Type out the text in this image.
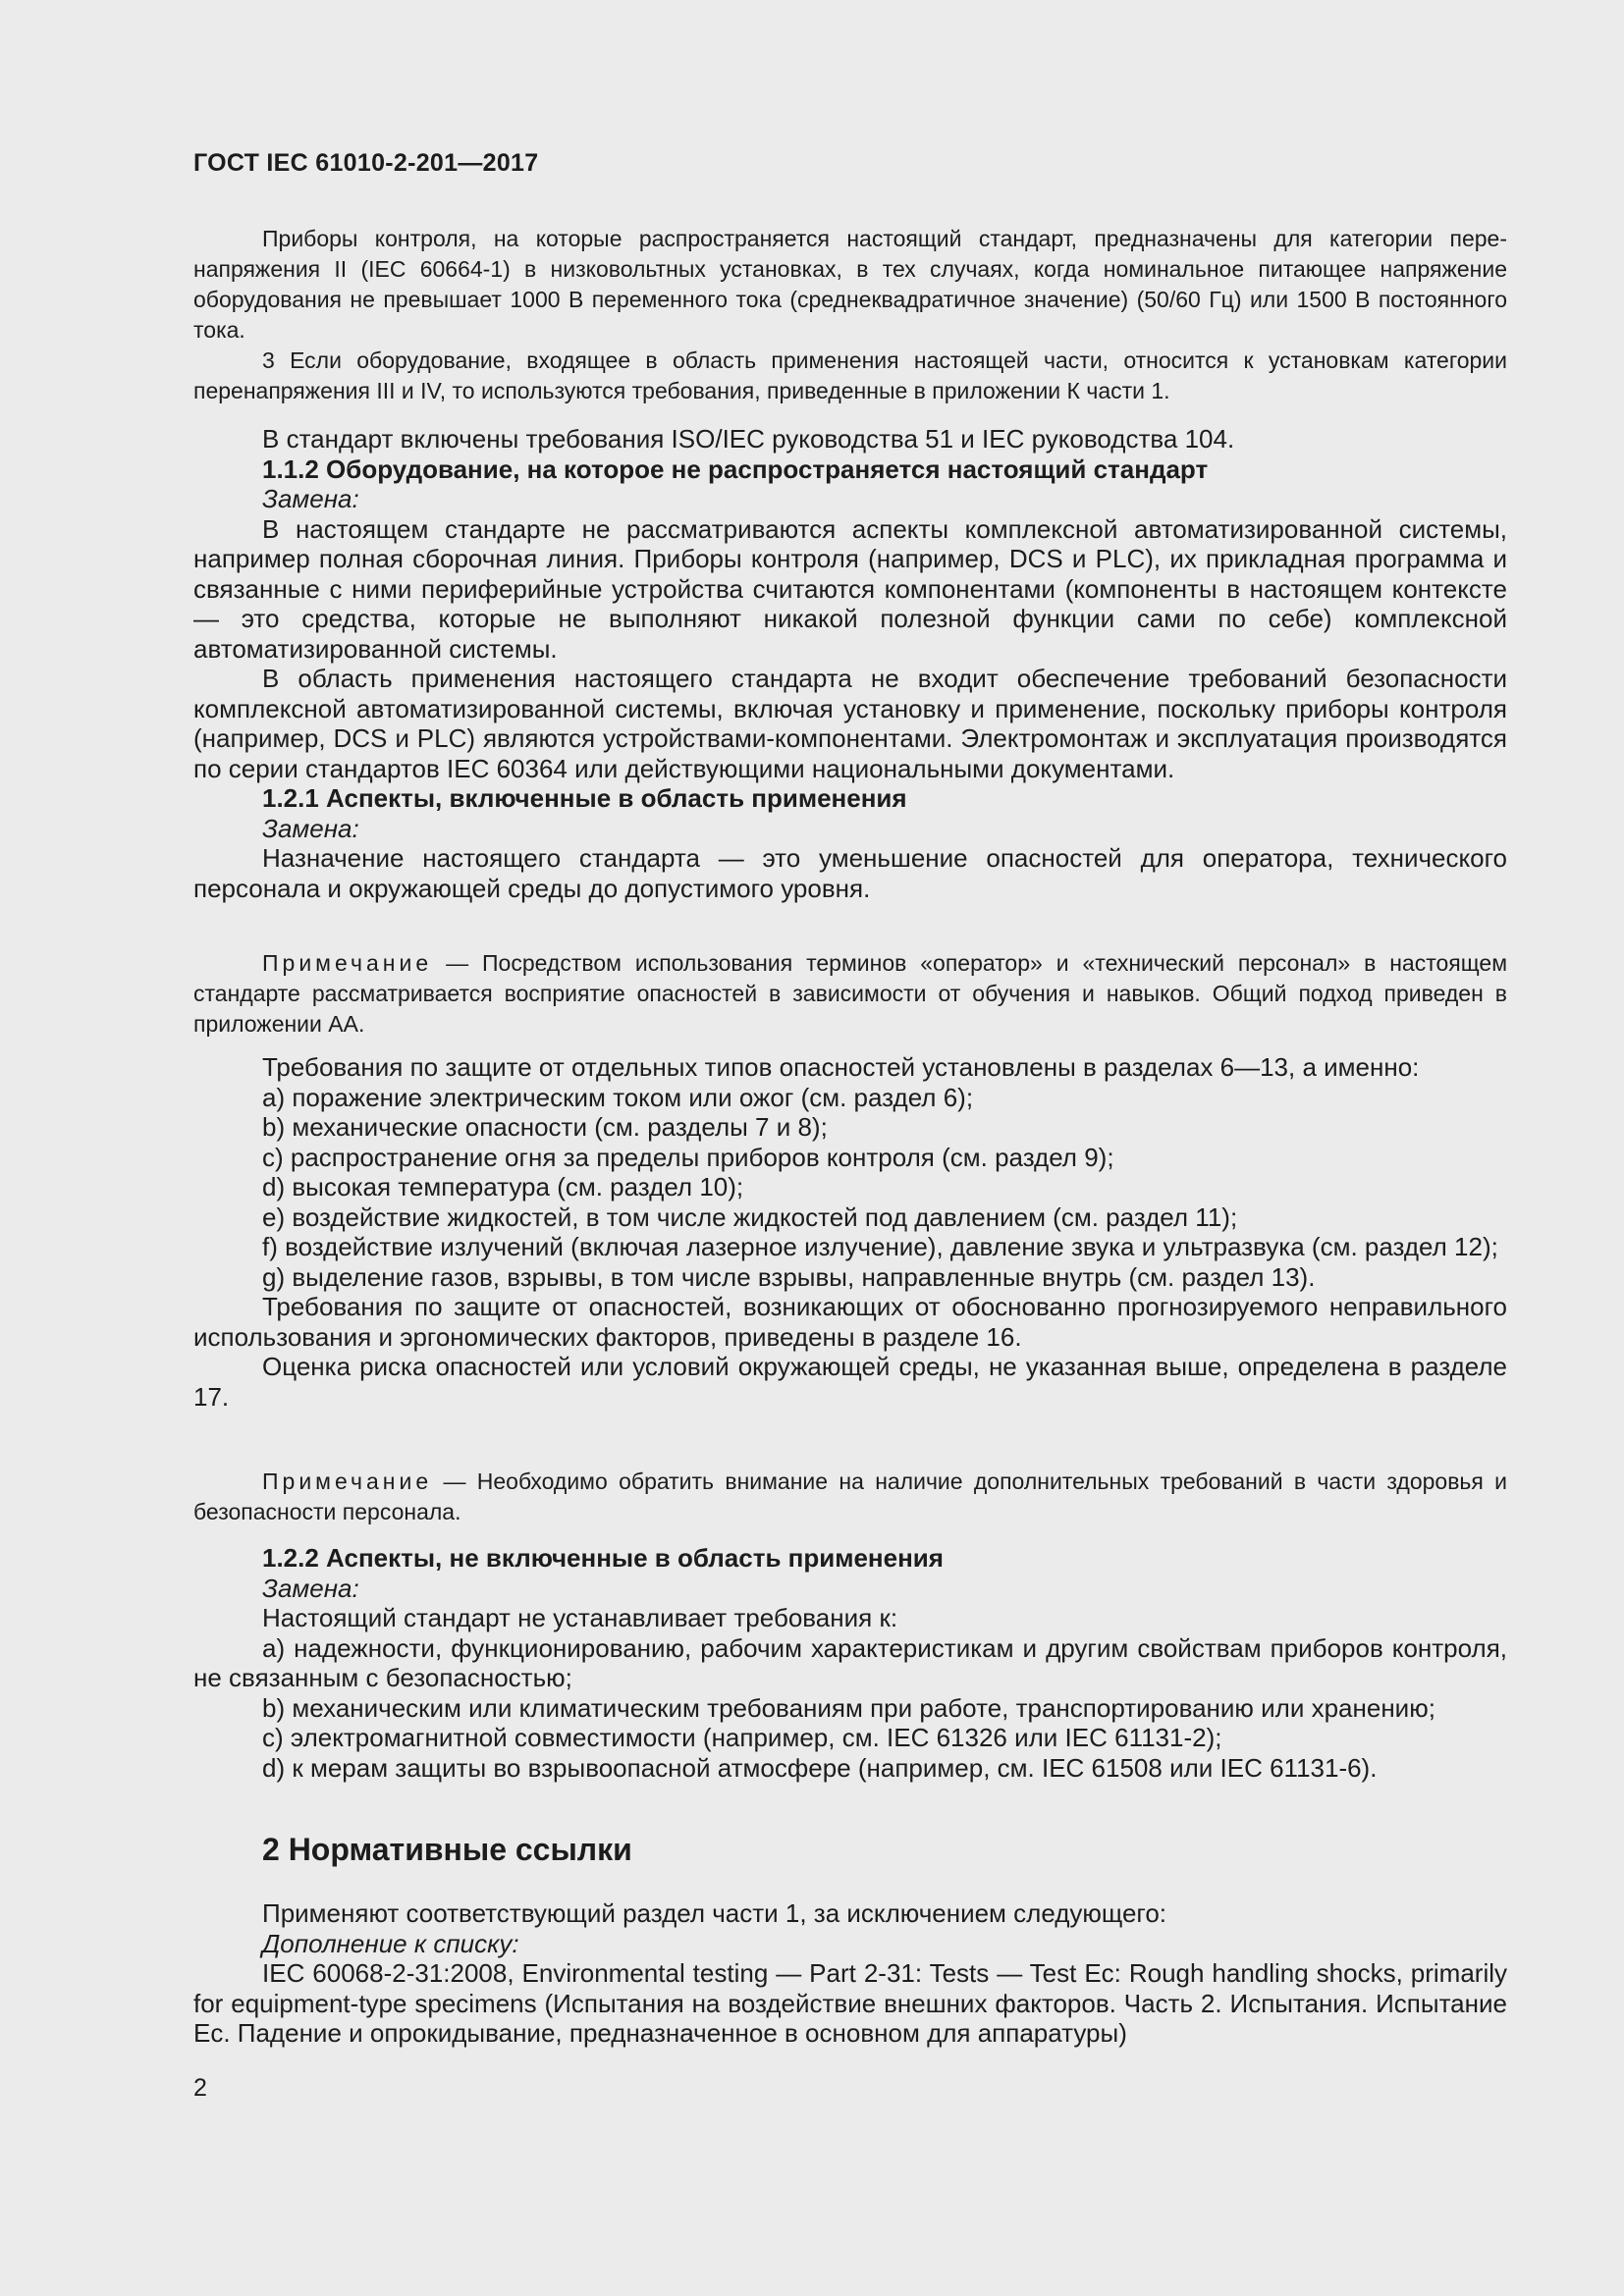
ГОСТ IEC 61010-2-201—2017

Приборы контроля, на которые распространяется настоящий стандарт, предназначены для категории перенапряжения II (IEC 60664-1) в низковольтных установках, в тех случаях, когда номинальное питающее напряжение оборудования не превышает 1000 В переменного тока (среднеквадратичное значение) (50/60 Гц) или 1500 В постоянного тока.

3 Если оборудование, входящее в область применения настоящей части, относится к установкам категории перенапряжения III и IV, то используются требования, приведенные в приложении К части 1.

В стандарт включены требования ISO/IEC руководства 51 и IEC руководства 104.
1.1.2 Оборудование, на которое не распространяется настоящий стандарт
Замена:

В настоящем стандарте не рассматриваются аспекты комплексной автоматизированной системы, например полная сборочная линия. Приборы контроля (например, DCS и PLC), их прикладная программа и связанные с ними периферийные устройства считаются компонентами (компоненты в настоящем контексте — это средства, которые не выполняют никакой полезной функции сами по себе) комплексной автоматизированной системы.

В область применения настоящего стандарта не входит обеспечение требований безопасности комплексной автоматизированной системы, включая установку и применение, поскольку приборы контроля (например, DCS и PLC) являются устройствами-компонентами. Электромонтаж и эксплуатация производятся по серии стандартов IEC 60364 или действующими национальными документами.

1.2.1 Аспекты, включенные в область применения
Замена:

Назначение настоящего стандарта — это уменьшение опасностей для оператора, технического персонала и окружающей среды до допустимого уровня.

Примечание — Посредством использования терминов «оператор» и «технический персонал» в настоящем стандарте рассматривается восприятие опасностей в зависимости от обучения и навыков. Общий подход приведен в приложении АА.

Требования по защите от отдельных типов опасностей установлены в разделах 6—13, а именно:
a) поражение электрическим током или ожог (см. раздел 6);
b) механические опасности (см. разделы 7 и 8);
c) распространение огня за пределы приборов контроля (см. раздел 9);
d) высокая температура (см. раздел 10);
e) воздействие жидкостей, в том числе жидкостей под давлением (см. раздел 11);

f) воздействие излучений (включая лазерное излучение), давление звука и ультразвука (см. раздел 12);

g) выделение газов, взрывы, в том числе взрывы, направленные внутрь (см. раздел 13).

Требования по защите от опасностей, возникающих от обоснованно прогнозируемого неправильного использования и эргономических факторов, приведены в разделе 16.

Оценка риска опасностей или условий окружающей среды, не указанная выше, определена в разделе 17.

Примечание — Необходимо обратить внимание на наличие дополнительных требований в части здоровья и безопасности персонала.

1.2.2 Аспекты, не включенные в область применения
Замена:
Настоящий стандарт не устанавливает требования к:

a) надежности, функционированию, рабочим характеристикам и другим свойствам приборов контроля, не связанным с безопасностью;

b) механическим или климатическим требованиям при работе, транспортированию или хранению;
c) электромагнитной совместимости (например, см. IEC 61326 или IEC 61131-2);
d) к мерам защиты во взрывоопасной атмосфере (например, см. IEC 61508 или IEC 61131-6).
2 Нормативные ссылки
Применяют соответствующий раздел части 1, за исключением следующего:
Дополнение к списку:

IEC 60068-2-31:2008, Environmental testing — Part 2-31: Tests — Test Ec: Rough handling shocks, primarily for equipment-type specimens (Испытания на воздействие внешних факторов. Часть 2. Испытания. Испытание Ec. Падение и опрокидывание, предназначенное в основном для аппаратуры)

2
